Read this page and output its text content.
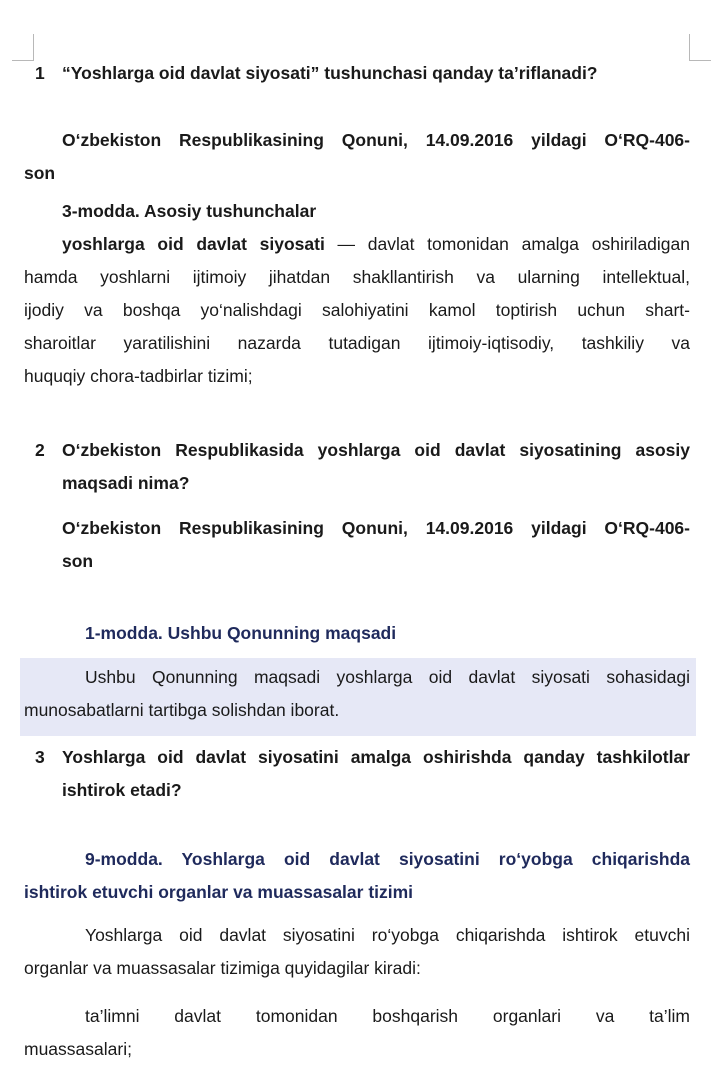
1 “Yoshlarga oid davlat siyosati” tushunchasi qanday ta’riflanadi?
O‘zbekiston Respublikasining Qonuni, 14.09.2016 yildagi O‘RQ-406-
son
3-modda. Asosiy tushunchalar
yoshlarga oid davlat siyosati — davlat tomonidan amalga oshiriladigan
hamda yoshlarni ijtimoiy jihatdan shakllantirish va ularning intellektual,
ijodiy va boshqa yo‘nalishdagi salohiyatini kamol toptirish uchun shart-
sharoitlar yaratilishini nazarda tutadigan ijtimoiy-iqtisodiy, tashkiliy va
huquqiy chora-tadbirlar tizimi;
2 O‘zbekiston Respublikasida yoshlarga oid davlat siyosatining asosiy
maqsadi nima?
O‘zbekiston Respublikasining Qonuni, 14.09.2016 yildagi O‘RQ-406-
son
1-modda. Ushbu Qonunning maqsadi
Ushbu Qonunning maqsadi yoshlarga oid davlat siyosati sohasidagi
munosabatlarni tartibga solishdan iborat.
3 Yoshlarga oid davlat siyosatini amalga oshirishda qanday tashkilotlar
ishtirok etadi?
9-modda. Yoshlarga oid davlat siyosatini ro‘yobga chiqarishda
ishtirok etuvchi organlar va muassasalar tizimi
Yoshlarga oid davlat siyosatini ro‘yobga chiqarishda ishtirok etuvchi
organlar va muassasalar tizimiga quyidagilar kiradi:
ta’limni davlat tomonidan boshqarish organlari va ta’lim
muassasalari;
